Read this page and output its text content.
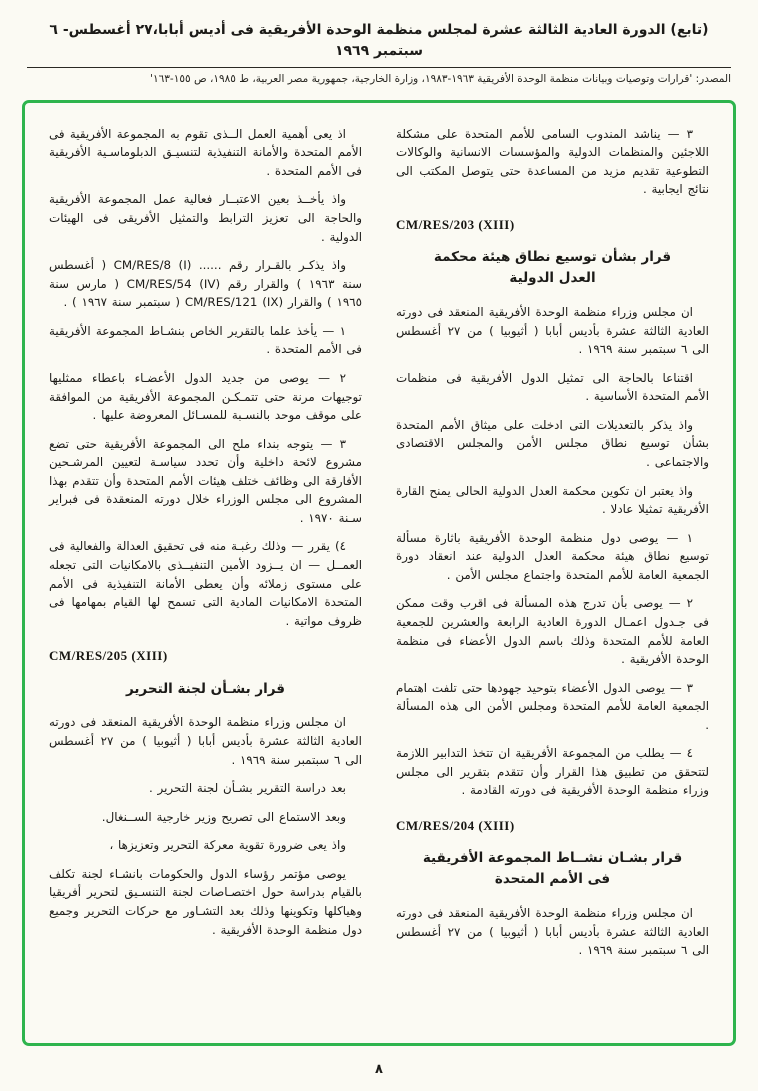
(تابع) الدورة العادية الثالثة عشرة لمجلس منظمة الوحدة الأفريقية فى أديس أبابا،٢٧ أغسطس- ٦ سبتمبر ١٩٦٩
المصدر: 'قرارات وتوصيات وبيانات منظمة الوحدة الأفريقية ١٩٦٣-١٩٨٣، وزارة الخارجية، جمهورية مصر العربية، ط ١٩٨٥، ص ١٥٥-١٦٣'
٣ — يناشد المندوب السامى للأمم المتحدة على مشكلة اللاجئين والمنظمات الدولية والمؤسسات الانسانية والوكالات التطوعية تقديم مزيد من المساعدة حتى يتوصل المكتب الى نتائج ايجابية .
CM/RES/203 (XIII)
قرار بشأن توسيع نطاق هيئة محكمة العدل الدولية
ان مجلس وزراء منظمة الوحدة الأفريقية المنعقد فى دورته العادية الثالثة عشرة بأديس أبابا ( أثيوبيا ) من ٢٧ أغسطس الى ٦ سبتمبر سنة ١٩٦٩ .
اقتناعا بالحاجة الى تمثيل الدول الأفريقية فى منظمات الأمم المتحدة الأساسية .
واذ يذكر بالتعديلات التى ادخلت على ميثاق الأمم المتحدة بشأن توسيع نطاق مجلس الأمن والمجلس الاقتصادى والاجتماعى .
واذ يعتبر ان تكوين محكمة العدل الدولية الحالى يمنح القارة الأفريقية تمثيلا عادلا .
١ — يوصى دول منظمة الوحدة الأفريقية باثارة مسألة توسيع نطاق هيئة محكمة العدل الدولية عند انعقاد دورة الجمعية العامة للأمم المتحدة واجتماع مجلس الأمن .
٢ — يوصى بأن تدرج هذه المسألة فى اقرب وقت ممكن فى جـدول اعمـال الدورة العادية الرابعة والعشرين للجمعية العامة للأمم المتحدة وذلك باسم الدول الأعضاء فى منظمة الوحدة الأفريقية .
٣ — يوصى الدول الأعضاء بتوحيد جهودها حتى تلفت اهتمام الجمعية العامة للأمم المتحدة ومجلس الأمن الى هذه المسألة .
٤ — يطلب من المجموعة الأفريقية ان تتخذ التدابير اللازمة لتتحقق من تطبيق هذا القرار وأن تتقدم بتقرير الى مجلس وزراء منظمة الوحدة الأفريقية فى دورته القادمة .
CM/RES/204 (XIII)
قرار بشـان نشــاط المجموعة الأفريقية فى الأمم المتحدة
ان مجلس وزراء منظمة الوحدة الأفريقية المنعقد فى دورته العادية الثالثة عشرة بأديس أبابا ( أثيوبيا ) من ٢٧ أغسطس الى ٦ سبتمبر سنة ١٩٦٩ .
اذ يعى أهمية العمل الــذى تقوم به المجموعة الأفريقية فى الأمم المتحدة والأمانة التنفيذية لتنسيـق الدبلوماسـية الأفريقية فى الأمم المتحدة .
واذ يأخــذ بعين الاعتبــار فعالية عمل المجموعة الأفريقية والحاجة الى تعزيز الترابط والتمثيل الأفريقى فى الهيئات الدولية .
واذ يذكـر بالقـرار رقم ...... CM/RES/8 (I) ( أغسطس سنة ١٩٦٣ ) والقرار رقم CM/RES/54 (IV) ( مارس سنة ١٩٦٥ ) والقرار CM/RES/121 (IX) ( سبتمبر سنة ١٩٦٧ ) .
١ — يأخذ علما بالتقرير الخاص بنشـاط المجموعة الأفريقية فى الأمم المتحدة .
٢ — يوصى من جديد الدول الأعضـاء باعطاء ممثليها توجيهات مرنة حتى تتمـكـن المجموعة الأفريقية من الموافقة على موقف موحد بالنسـبة للمسـائل المعروضة عليها .
٣ — يتوجه بنداء ملح الى المجموعة الأفريقية حتى تضع مشروع لائحة داخلية وأن تحدد سياسـة لتعيين المرشـحين الأفارقة الى وظائف ختلف هيئات الأمم المتحدة وأن تتقدم بهذا المشروع الى مجلس الوزراء خلال دورته المنعقدة فى فبراير سـنة ١٩٧٠ .
٤) يقرر — وذلك رغبـة منه فى تحقيق العدالة والفعالية فى العمــل — ان يــزود الأمين التنفيــذى بالامكانيات التى تجعله على مستوى زملائه وأن يعطى الأمانة التنفيذية فى الأمم المتحدة الامكانيات المادية التى تسمح لها القيام بمهامها فى ظروف مواتية .
CM/RES/205 (XIII)
قرار بشـأن لجنة التحرير
ان مجلس وزراء منظمة الوحدة الأفريقية المنعقد فى دورته العادية الثالثة عشرة بأديس أبابا ( أثيوبيا ) من ٢٧ أغسطس الى ٦ سبتمبر سنة ١٩٦٩ .
بعد دراسة التقرير بشـأن لجنة التحرير .
وبعد الاستماع الى تصريح وزير خارجية الســنغال.
واذ يعى ضرورة تقوية معركة التحرير وتعزيزها ،
يوصى مؤتمر رؤساء الدول والحكومات بانشـاء لجنة تكلف بالقيام بدراسة حول اختصـاصات لجنة التنسـيق لتحرير أفريقيا وهياكلها وتكوينها وذلك بعد التشـاور مع حركات التحرير وجميع دول منظمة الوحدة الأفريقية .
٨
